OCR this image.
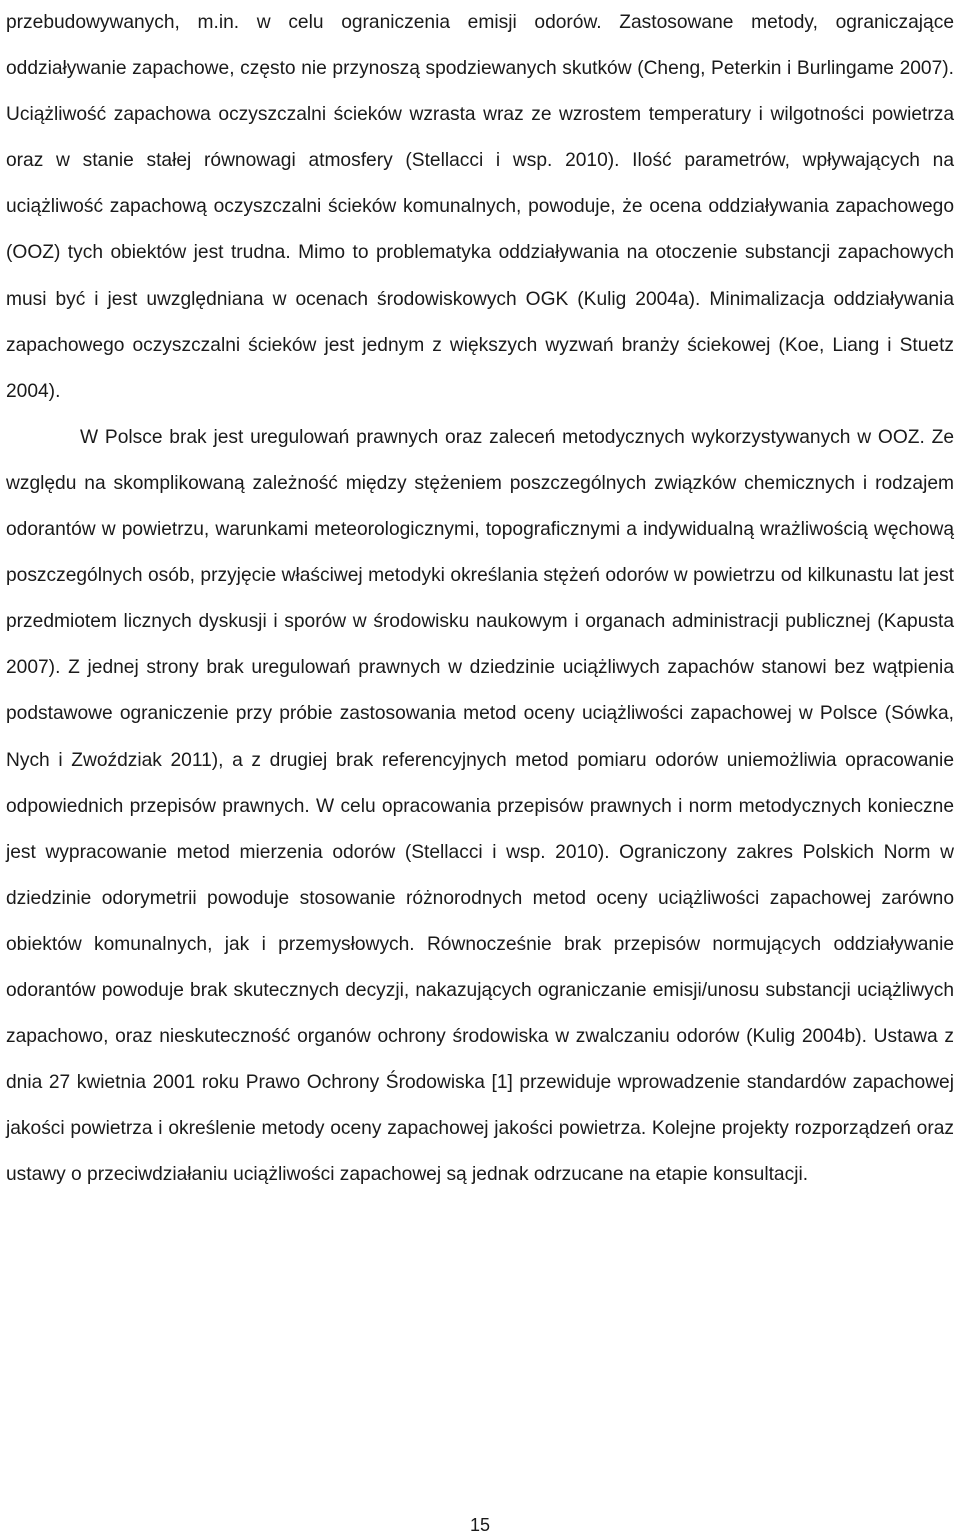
przebudowywanych, m.in. w celu ograniczenia emisji odorów. Zastosowane metody, ograniczające oddziaływanie zapachowe, często nie przynoszą spodziewanych skutków (Cheng, Peterkin i Burlingame 2007). Uciążliwość zapachowa oczyszczalni ścieków wzrasta wraz ze wzrostem temperatury i wilgotności powietrza oraz w stanie stałej równowagi atmosfery (Stellacci i wsp. 2010). Ilość parametrów, wpływających na uciążliwość zapachową oczyszczalni ścieków komunalnych, powoduje, że ocena oddziaływania zapachowego (OOZ) tych obiektów jest trudna. Mimo to problematyka oddziaływania na otoczenie substancji zapachowych musi być i jest uwzględniana w ocenach środowiskowych OGK (Kulig 2004a). Minimalizacja oddziaływania zapachowego oczyszczalni ścieków jest jednym z większych wyzwań branży ściekowej (Koe, Liang i Stuetz 2004).

W Polsce brak jest uregulowań prawnych oraz zaleceń metodycznych wykorzystywanych w OOZ. Ze względu na skomplikowaną zależność między stężeniem poszczególnych związków chemicznych i rodzajem odorantów w powietrzu, warunkami meteorologicznymi, topograficznymi a indywidualną wrażliwością węchową poszczególnych osób, przyjęcie właściwej metodyki określania stężeń odorów w powietrzu od kilkunastu lat jest przedmiotem licznych dyskusji i sporów w środowisku naukowym i organach administracji publicznej (Kapusta 2007). Z jednej strony brak uregulowań prawnych w dziedzinie uciążliwych zapachów stanowi bez wątpienia podstawowe ograniczenie przy próbie zastosowania metod oceny uciążliwości zapachowej w Polsce (Sówka, Nych i Zwoździak 2011), a z drugiej brak referencyjnych metod pomiaru odorów uniemożliwia opracowanie odpowiednich przepisów prawnych. W celu opracowania przepisów prawnych i norm metodycznych konieczne jest wypracowanie metod mierzenia odorów (Stellacci i wsp. 2010). Ograniczony zakres Polskich Norm w dziedzinie odorymetrii powoduje stosowanie różnorodnych metod oceny uciążliwości zapachowej zarówno obiektów komunalnych, jak i przemysłowych. Równocześnie brak przepisów normujących oddziaływanie odorantów powoduje brak skutecznych decyzji, nakazujących ograniczanie emisji/unosu substancji uciążliwych zapachowo, oraz nieskuteczność organów ochrony środowiska w zwalczaniu odorów (Kulig 2004b). Ustawa z dnia 27 kwietnia 2001 roku Prawo Ochrony Środowiska [1] przewiduje wprowadzenie standardów zapachowej jakości powietrza i określenie metody oceny zapachowej jakości powietrza. Kolejne projekty rozporządzeń oraz ustawy o przeciwdziałaniu uciążliwości zapachowej są jednak odrzucane na etapie konsultacji.

15
